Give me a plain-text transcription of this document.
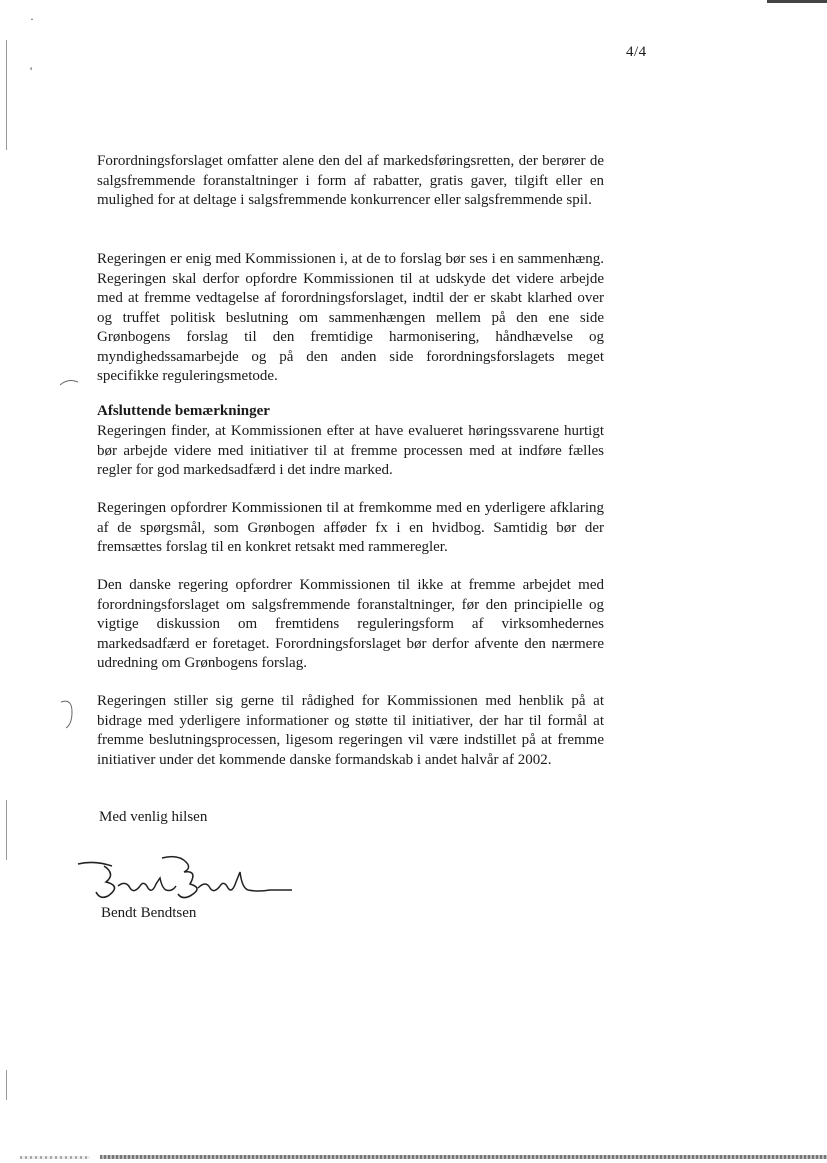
·
'
4/4

Forordningsforslaget omfatter alene den del af markedsføringsretten, der berører de salgsfremmende foranstaltninger i form af rabatter, gratis gaver, tilgift eller en mulighed for at deltage i salgsfremmende konkurrencer eller salgsfremmende spil.

Regeringen er enig med Kommissionen i, at de to forslag bør ses i en sammenhæng. Regeringen skal derfor opfordre Kommissionen til at udskyde det videre arbejde med at fremme vedtagelse af forordningsforslaget, indtil der er skabt klarhed over og truffet politisk beslutning om sammenhængen mellem på den ene side Grønbogens forslag til den fremtidige harmonisering, håndhævelse og myndighedssamarbejde og på den anden side forordningsforslagets meget specifikke reguleringsmetode.

Afsluttende bemærkninger

Regeringen finder, at Kommissionen efter at have evalueret høringssvarene hurtigt bør arbejde videre med initiativer til at fremme processen med at indføre fælles regler for god markedsadfærd i det indre marked.

Regeringen opfordrer Kommissionen til at fremkomme med en yderligere afklaring af de spørgsmål, som Grønbogen afføder fx i en hvidbog. Samtidig bør der fremsættes forslag til en konkret retsakt med rammeregler.

Den danske regering opfordrer Kommissionen til ikke at fremme arbejdet med forordningsforslaget om salgsfremmende foranstaltninger, før den principielle og vigtige diskussion om fremtidens reguleringsform af virksomhedernes markedsadfærd er foretaget. Forordningsforslaget bør derfor afvente den nærmere udredning om Grønbogens forslag.

Regeringen stiller sig gerne til rådighed for Kommissionen med henblik på at bidrage med yderligere informationer og støtte til initiativer, der har til formål at fremme beslutningsprocessen, ligesom regeringen vil være indstillet på at fremme initiativer under det kommende danske formandskab i andet halvår af 2002.

Med venlig hilsen
Bendt Bendtsen
